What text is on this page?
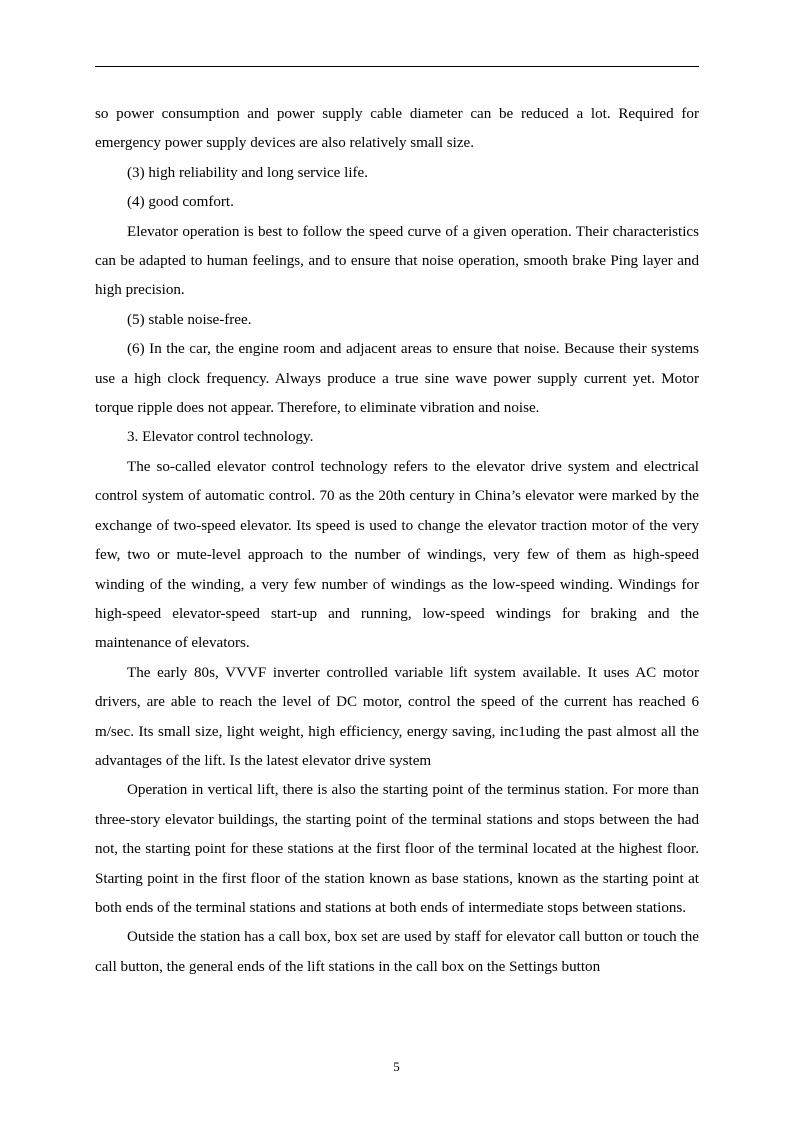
so power consumption and power supply cable diameter can be reduced a lot. Required for emergency power supply devices are also relatively small size.

(3) high reliability and long service life.

(4) good comfort.

Elevator operation is best to follow the speed curve of a given operation. Their characteristics can be adapted to human feelings, and to ensure that noise operation, smooth brake Ping layer and high precision.

(5) stable noise-free.

(6) In the car, the engine room and adjacent areas to ensure that noise. Because their systems use a high clock frequency. Always produce a true sine wave power supply current yet. Motor torque ripple does not appear. Therefore, to eliminate vibration and noise.

3. Elevator control technology.

The so-called elevator control technology refers to the elevator drive system and electrical control system of automatic control. 70 as the 20th century in China’s elevator were marked by the exchange of two-speed elevator. Its speed is used to change the elevator traction motor of the very few, two or mute-level approach to the number of windings, very few of them as high-speed winding of the winding, a very few number of windings as the low-speed winding. Windings for high-speed elevator-speed start-up and running, low-speed windings for braking and the maintenance of elevators.

The early 80s, VVVF inverter controlled variable lift system available. It uses AC motor drivers, are able to reach the level of DC motor, control the speed of the current has reached 6 m/sec. Its small size, light weight, high efficiency, energy saving, inc1uding the past almost all the advantages of the lift. Is the latest elevator drive system

Operation in vertical lift, there is also the starting point of the terminus station. For more than three-story elevator buildings, the starting point of the terminal stations and stops between the had not, the starting point for these stations at the first floor of the terminal located at the highest floor. Starting point in the first floor of the station known as base stations, known as the starting point at both ends of the terminal stations and stations at both ends of intermediate stops between stations.

Outside the station has a call box, box set are used by staff for elevator call button or touch the call button, the general ends of the lift stations in the call box on the Settings button

5
